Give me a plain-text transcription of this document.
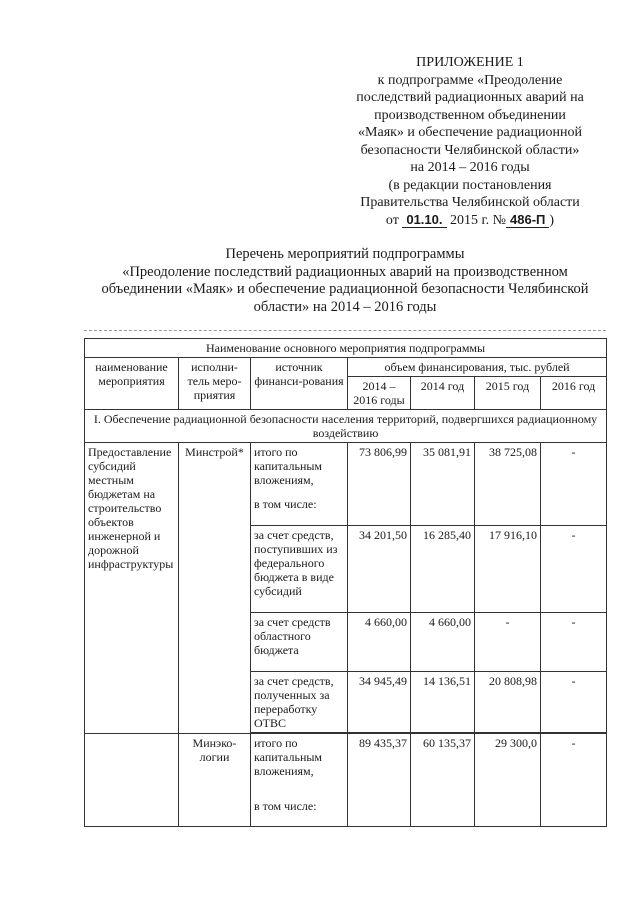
ПРИЛОЖЕНИЕ 1
к подпрограмме «Преодоление
последствий радиационных аварий на
производственном объединении
«Маяк» и обеспечение радиационной
безопасности Челябинской области»
на 2014 – 2016 годы
(в редакции постановления
Правительства Челябинской области
от 01.10. 2015 г. № 486-П )
Перечень мероприятий подпрограммы
«Преодоление последствий радиационных аварий на производственном
объединении «Маяк» и обеспечение радиационной безопасности Челябинской
области» на 2014 – 2016 годы
Наименование основного мероприятия подпрограммы						
наименование мероприятия	исполни-тель меро-приятия	источник финанси-рования	объем финансирования, тыс. рублей			
			2014 – 2016 годы	2014 год	2015 год	2016 год
I. Обеспечение радиационной безопасности населения территорий, подвергшихся радиационному воздействию						
Предоставление субсидий местным бюджетам на строительство объектов инженерной и дорожной инфраструктуры	Минстрой*	итого по капитальным вложениям,	73 806,99	35 081,91	38 725,08	-
		в том числе:				
		за счет средств, поступивших из федерального бюджета в виде субсидий	34 201,50	16 285,40	17 916,10	-
		за счет средств областного бюджета	4 660,00	4 660,00	-	-
		за счет средств, полученных за переработку ОТВС	34 945,49	14 136,51	20 808,98	-

	Минэко-логии	итого по капитальным вложениям,	89 435,37	60 135,37	29 300,0	-
		в том числе:				
